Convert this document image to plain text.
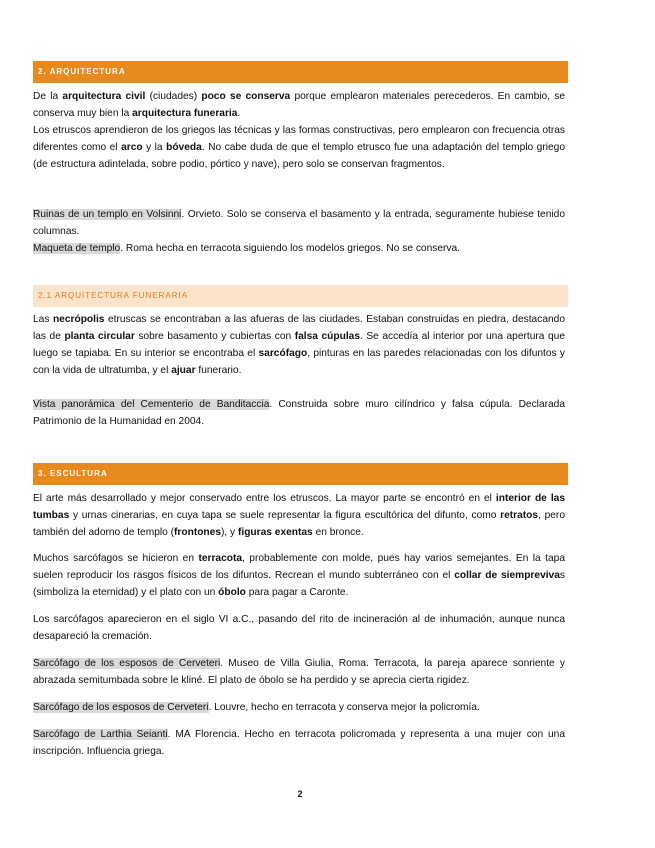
2. ARQUITECTURA

De la arquitectura civil (ciudades) poco se conserva porque emplearon materiales perecederos. En cambio, se conserva muy bien la arquitectura funeraria.

Los etruscos aprendieron de los griegos las técnicas y las formas constructivas, pero emplearon con frecuencia otras diferentes como el arco y la bóveda. No cabe duda de que el templo etrusco fue una adaptación del templo griego (de estructura adintelada, sobre podio, pórtico y nave), pero solo se conservan fragmentos.

Ruinas de un templo en Volsinni. Orvieto. Solo se conserva el basamento y la entrada, seguramente hubiese tenido columnas.

Maqueta de templo. Roma hecha en terracota siguiendo los modelos griegos. No se conserva.

2.1 ARQUITECTURA FUNERARIA

Las necrópolis etruscas se encontraban a las afueras de las ciudades. Estaban construidas en piedra, destacando las de planta circular sobre basamento y cubiertas con falsa cúpulas. Se accedía al interior por una apertura que luego se tapiaba. En su interior se encontraba el sarcófago, pinturas en las paredes relacionadas con los difuntos y con la vida de ultratumba, y el ajuar funerario.

Vista panorámica del Cementerio de Banditaccia. Construida sobre muro cilíndrico y falsa cúpula. Declarada Patrimonio de la Humanidad en 2004.

3. ESCULTURA

El arte más desarrollado y mejor conservado entre los etruscos. La mayor parte se encontró en el interior de las tumbas y urnas cinerarias, en cuya tapa se suele representar la figura escultórica del difunto, como retratos, pero también del adorno de templo (frontones), y figuras exentas en bronce.

Muchos sarcófagos se hicieron en terracota, probablemente con molde, pues hay varios semejantes. En la tapa suelen reproducir los rasgos físicos de los difuntos. Recrean el mundo subterráneo con el collar de siemprevivas (simboliza la eternidad) y el plato con un óbolo para pagar a Caronte.

Los sarcófagos aparecieron en el siglo VI a.C., pasando del rito de incineración al de inhumación, aunque nunca desapareció la cremación.

Sarcófago de los esposos de Cerveteri. Museo de Villa Giulia, Roma. Terracota, la pareja aparece sonriente y abrazada semitumbada sobre le kliné. El plato de óbolo se ha perdido y se aprecia cierta rigidez.

Sarcófago de los esposos de Cerveteri. Louvre, hecho en terracota y conserva mejor la policromía.

Sarcófago de Larthia Seianti. MA Florencia. Hecho en terracota policromada y representa a una mujer con una inscripción. Influencia griega.

2
